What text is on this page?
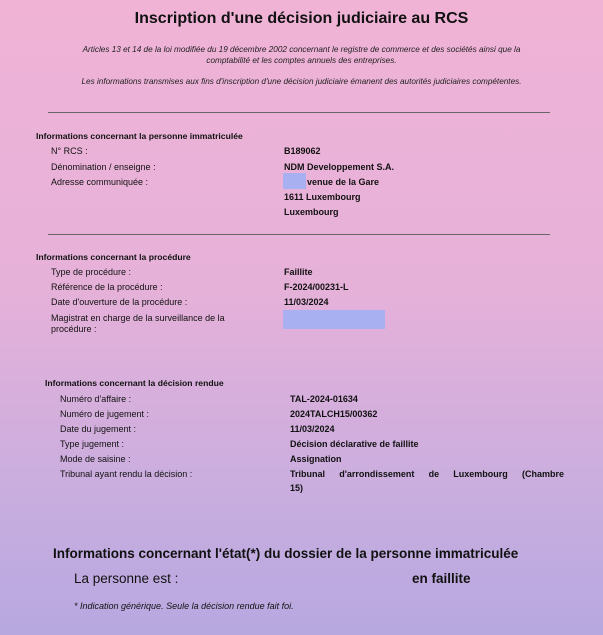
Inscription d'une décision judiciaire au RCS
Articles 13 et 14 de la loi modifiée du 19 décembre 2002 concernant le registre de commerce et des sociétés ainsi que la
comptabilité et les comptes annuels des entreprises.
Les informations transmises aux fins d'inscription d'une décision judiciaire émanent des autorités judiciaires compétentes.
Informations concernant la personne immatriculée
N° RCS :	B189062
Dénomination / enseigne :	NDM Developpement S.A.
Adresse communiquée :	venue de la Gare
1611 Luxembourg
Luxembourg
Informations concernant la procédure
Type de procédure :	Faillite
Référence de la procédure :	F-2024/00231-L
Date d'ouverture de la procédure :	11/03/2024
Magistrat en charge de la surveillance de la
procédure :
Informations concernant la décision rendue
Numéro d'affaire :	TAL-2024-01634
Numéro de jugement :	2024TALCH15/00362
Date du jugement :	11/03/2024
Type jugement :	Décision déclarative de faillite
Mode de saisine :	Assignation
Tribunal ayant rendu la décision :	Tribunal d'arrondissement de Luxembourg (Chambre
15)
Informations concernant l'état(*) du dossier de la personne immatriculée
La personne est :	en faillite
* Indication générique. Seule la décision rendue fait foi.
